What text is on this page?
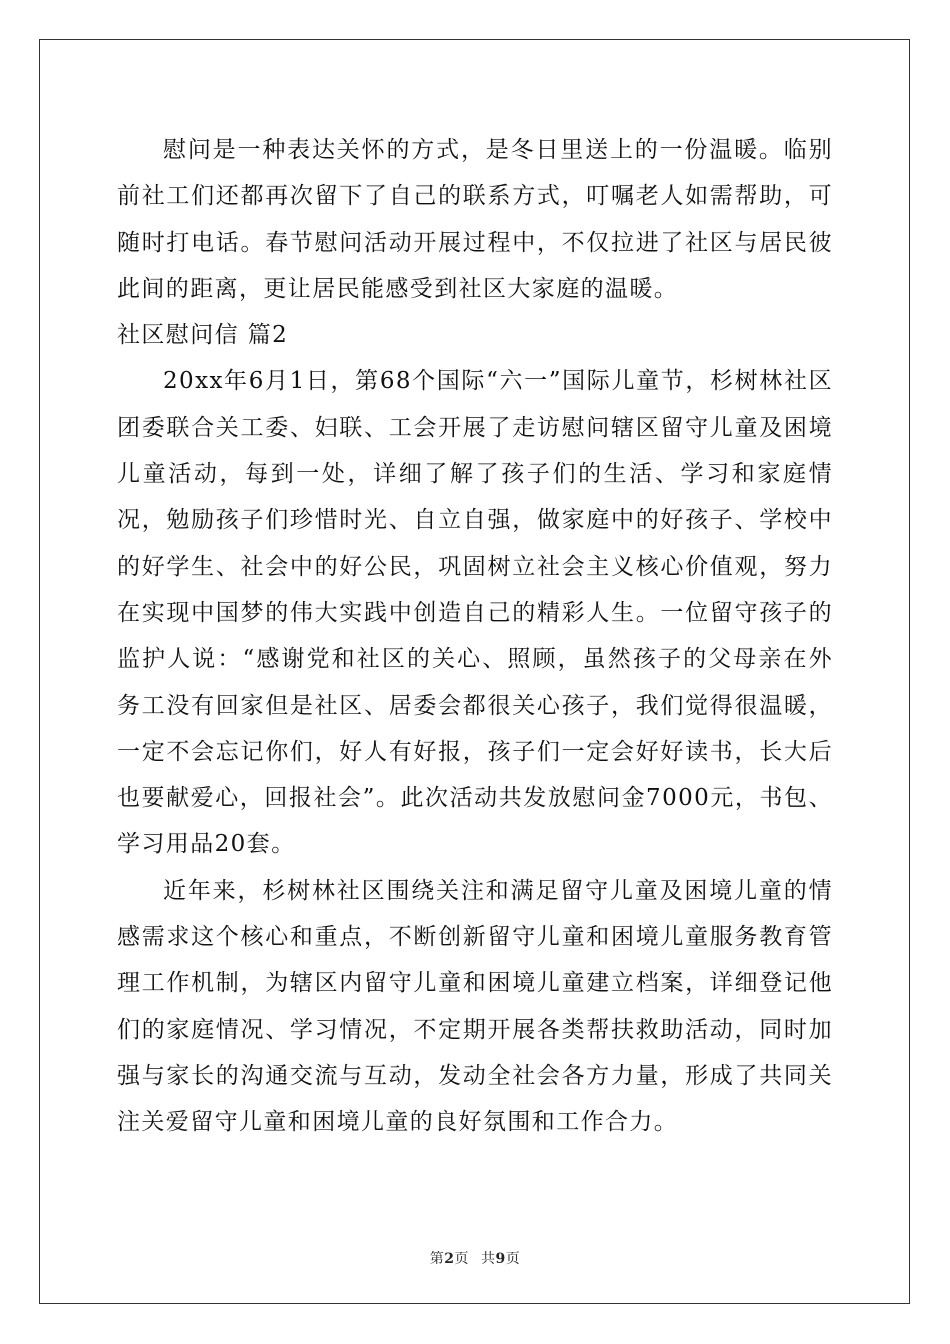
慰问是一种表达关怀的方式，是冬日里送上的一份温暖。临别前社工们还都再次留下了自己的联系方式，叮嘱老人如需帮助，可随时打电话。春节慰问活动开展过程中，不仅拉进了社区与居民彼此间的距离，更让居民能感受到社区大家庭的温暖。

社区慰问信 篇2

20xx年6月1日，第68个国际“六一”国际儿童节，杉树林社区团委联合关工委、妇联、工会开展了走访慰问辖区留守儿童及困境儿童活动，每到一处，详细了解了孩子们的生活、学习和家庭情况，勉励孩子们珍惜时光、自立自强，做家庭中的好孩子、学校中的好学生、社会中的好公民，巩固树立社会主义核心价值观，努力在实现中国梦的伟大实践中创造自己的精彩人生。一位留守孩子的监护人说：“感谢党和社区的关心、照顾，虽然孩子的父母亲在外务工没有回家但是社区、居委会都很关心孩子，我们觉得很温暖，一定不会忘记你们，好人有好报，孩子们一定会好好读书，长大后也要献爱心，回报社会”。此次活动共发放慰问金7000元，书包、学习用品20套。

近年来，杉树林社区围绕关注和满足留守儿童及困境儿童的情感需求这个核心和重点，不断创新留守儿童和困境儿童服务教育管理工作机制，为辖区内留守儿童和困境儿童建立档案，详细登记他们的家庭情况、学习情况，不定期开展各类帮扶救助活动，同时加强与家长的沟通交流与互动，发动全社会各方力量，形成了共同关注关爱留守儿童和困境儿童的良好氛围和工作合力。

第2页 共9页
